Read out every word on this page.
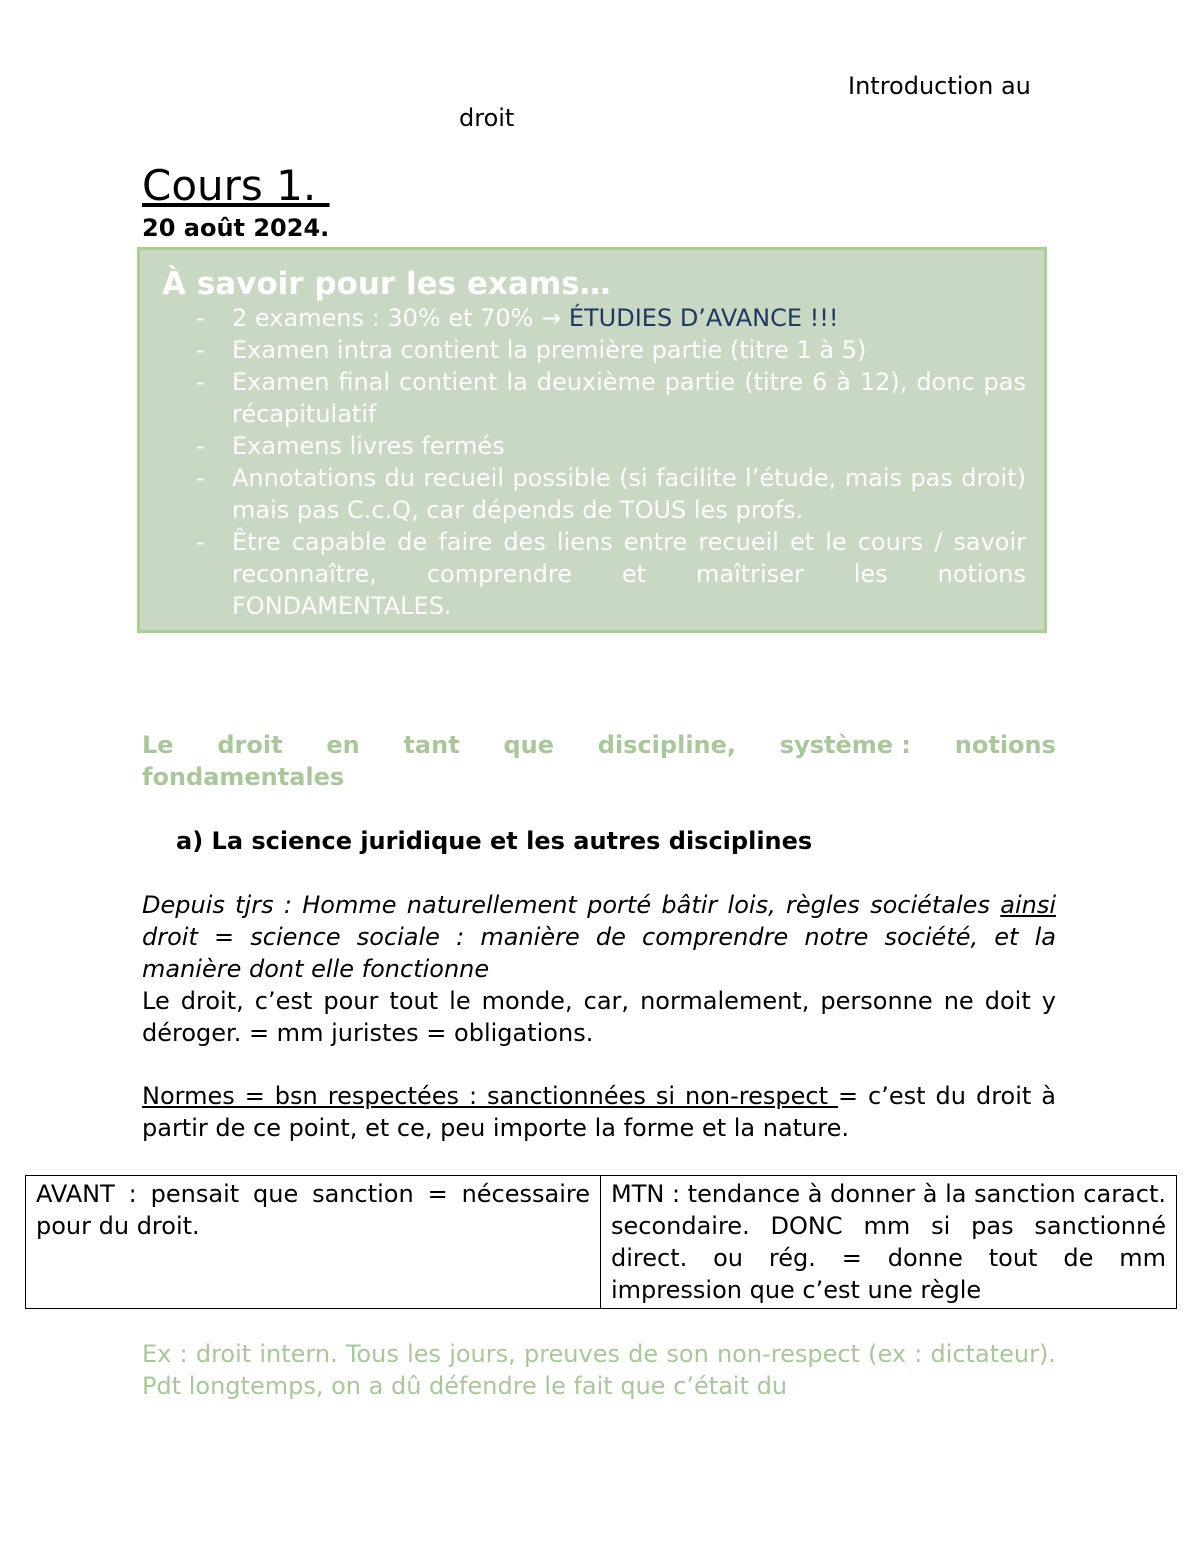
Introduction au
droit
Cours 1.
20 août 2024.
À savoir pour les exams…
- 2 examens : 30% et 70% → ÉTUDIES D’AVANCE !!!
- Examen intra contient la première partie (titre 1 à 5)
- Examen final contient la deuxième partie (titre 6 à 12), donc pas récapitulatif
- Examens livres fermés
- Annotations du recueil possible (si facilite l’étude, mais pas droit) mais pas C.c.Q, car dépends de TOUS les profs.
- Être capable de faire des liens entre recueil et le cours / savoir reconnaître, comprendre et maîtriser les notions FONDAMENTALES.
Le droit en tant que discipline, système : notions
fondamentales
a) La science juridique et les autres disciplines
Depuis tjrs : Homme naturellement porté bâtir lois, règles sociétales ainsi droit = science sociale : manière de comprendre notre société, et la manière dont elle fonctionne
Le droit, c’est pour tout le monde, car, normalement, personne ne doit y déroger. = mm juristes = obligations.
Normes = bsn respectées : sanctionnées si non-respect = c’est du droit à partir de ce point, et ce, peu importe la forme et la nature.
AVANT : pensait que sanction = nécessaire pour du droit.	MTN : tendance à donner à la sanction caract. secondaire. DONC mm si pas sanctionné direct. ou rég. = donne tout de mm impression que c’est une règle
Ex : droit intern. Tous les jours, preuves de son non-respect (ex : dictateur). Pdt longtemps, on a dû défendre le fait que c’était du
